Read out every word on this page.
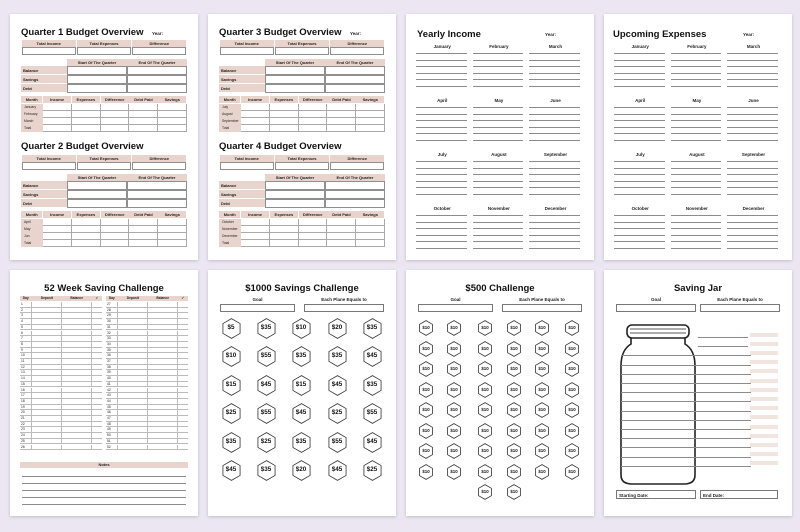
Quarter 1 Budget Overview Year:
Total Income	Total Expenses	Difference
Start Of The Quarter	End Of The Quarter
Balance
Savings
Debt
Month	Income	Expenses	Difference	Debt Paid	Savings
January
February
March
Total
Quarter 2 Budget Overview
Total Income	Total Expenses	Difference
Start Of The Quarter	End Of The Quarter
Balance
Savings
Debt
Month	Income	Expenses	Difference	Debt Paid	Savings
April
May
Jun
Total
Quarter 3 Budget Overview Year:
Total Income	Total Expenses	Difference
Start Of The Quarter	End Of The Quarter
Balance
Savings
Debt
Month	Income	Expenses	Difference	Debt Paid	Savings
July
August
September
Total
Quarter 4 Budget Overview
Total Income	Total Expenses	Difference
Start Of The Quarter	End Of The Quarter
Balance
Savings
Debt
Month	Income	Expenses	Difference	Debt Paid	Savings
October
November
December
Total
Yearly Income	Year:
January	February	March
April	May	June
July	August	September
October	November	December
Upcoming Expenses	Year:
January	February	March
April	May	June
July	August	September
October	November	December
52 Week Saving Challenge
Day	Deposit	Balance	✓
1
2
3
4
5
6
7
8
9
10
11
12
13
14
15
16
17
18
19
20
21
22
23
24
25
26
Day	Deposit	Balance	✓
27
28
29
30
31
32
33
34
35
36
37
38
39
40
41
42
43
44
45
46
47
48
49
50
51
52
Notes
$1000 Savings Challenge
Goal	Each Plane Equals to
$5	$35	$10	$20	$35
$10	$55	$35	$35	$45
$15	$45	$15	$45	$35
$25	$55	$45	$25	$55
$35	$25	$35	$55	$45
$45	$35	$20	$45	$25
$500 Challenge
Goal	Each Plane Equals to
$10	$10	$10	$10	$10	$10
$10	$10	$10	$10	$10	$10
$10	$10	$10	$10	$10	$10
$10	$10	$10	$10	$10	$10
$10	$10	$10	$10	$10	$10
$10	$10	$10	$10	$10	$10
$10	$10	$10	$10	$10	$10
$10	$10	$10	$10	$10	$10
$10	$10
Saving Jar
Goal	Each Plane Equals to
Starting Date:	End Date:
